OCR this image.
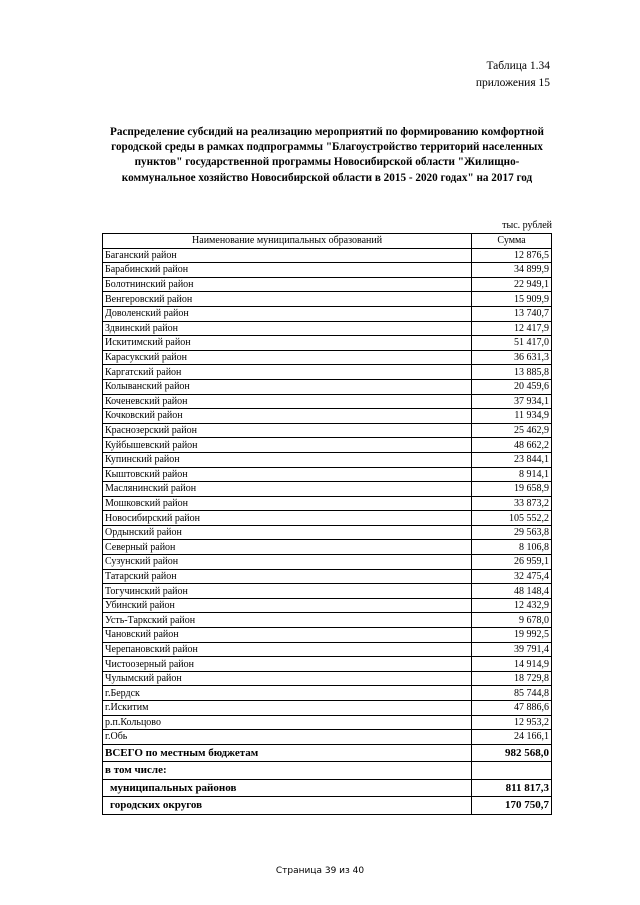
Таблица 1.34
приложения 15
Распределение субсидий на реализацию мероприятий по формированию комфортной городской среды в рамках подпрограммы "Благоустройство территорий населенных пунктов" государственной программы Новосибирской области "Жилищно-коммунальное хозяйство Новосибирской области в 2015 - 2020 годах" на 2017 год
тыс. рублей
Наименование муниципальных образований	Сумма
Баганский район	12 876,5
Барабинский район	34 899,9
Болотнинский район	22 949,1
Венгеровский район	15 909,9
Доволенский район	13 740,7
Здвинский район	12 417,9
Искитимский район	51 417,0
Карасукский район	36 631,3
Каргатский район	13 885,8
Колыванский район	20 459,6
Коченевский район	37 934,1
Кочковский район	11 934,9
Краснозерский район	25 462,9
Куйбышевский район	48 662,2
Купинский район	23 844,1
Кыштовский район	8 914,1
Маслянинский район	19 658,9
Мошковский район	33 873,2
Новосибирский район	105 552,2
Ордынский район	29 563,8
Северный район	8 106,8
Сузунский район	26 959,1
Татарский район	32 475,4
Тогучинский район	48 148,4
Убинский район	12 432,9
Усть-Таркский район	9 678,0
Чановский район	19 992,5
Черепановский район	39 791,4
Чистоозерный район	14 914,9
Чулымский район	18 729,8
г.Бердск	85 744,8
г.Искитим	47 886,6
р.п.Кольцово	12 953,2
г.Обь	24 166,1
ВСЕГО по местным бюджетам	982 568,0
в том числе:	
муниципальных районов	811 817,3
городских округов	170 750,7
Страница 39 из 40
